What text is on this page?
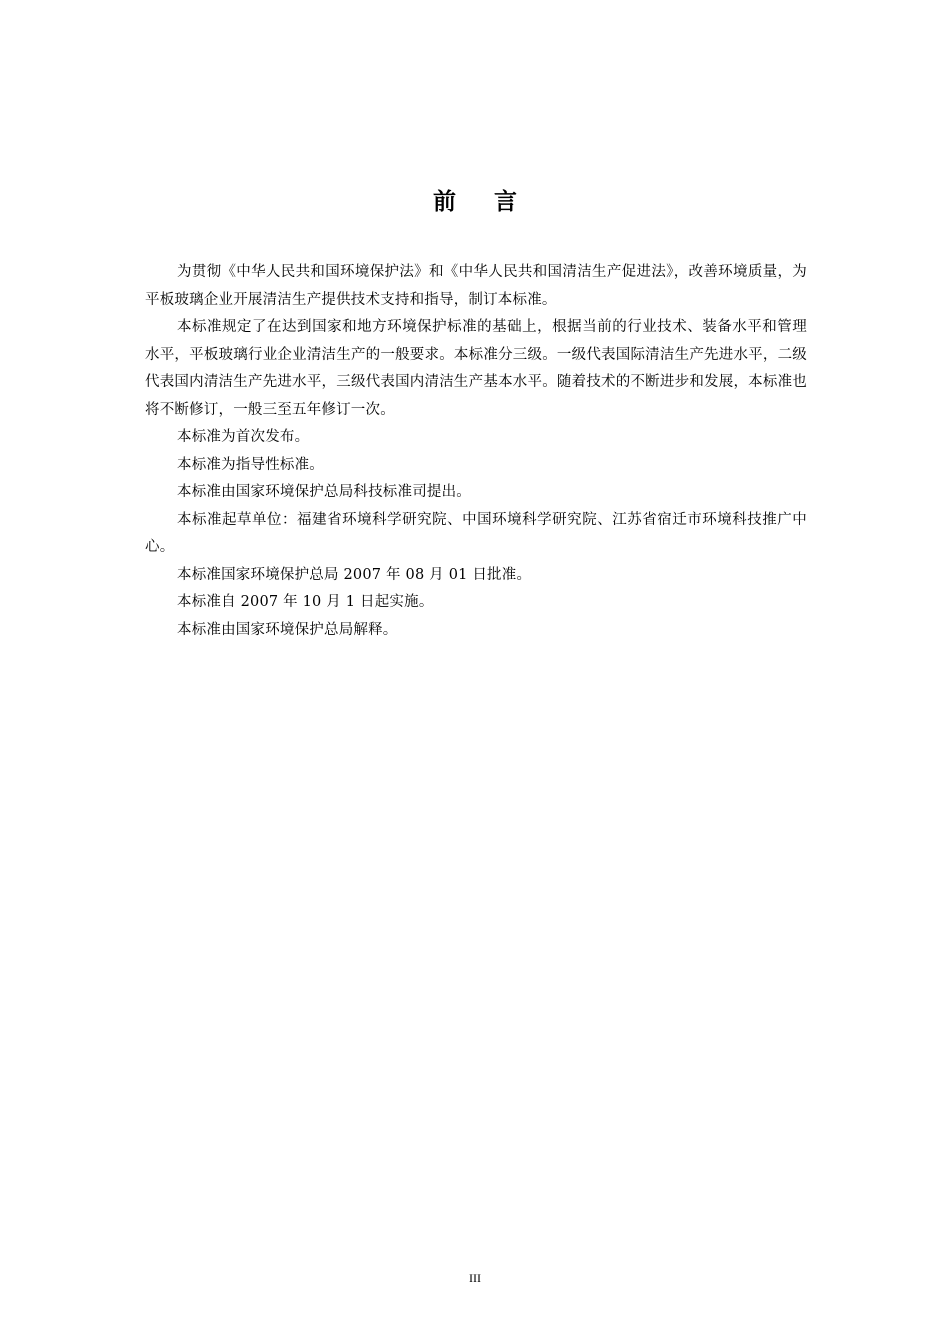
前言

为贯彻《中华人民共和国环境保护法》和《中华人民共和国清洁生产促进法》，改善环境质量，为平板玻璃企业开展清洁生产提供技术支持和指导，制订本标准。

本标准规定了在达到国家和地方环境保护标准的基础上，根据当前的行业技术、装备水平和管理水平，平板玻璃行业企业清洁生产的一般要求。本标准分三级。一级代表国际清洁生产先进水平，二级代表国内清洁生产先进水平，三级代表国内清洁生产基本水平。随着技术的不断进步和发展，本标准也将不断修订，一般三至五年修订一次。

本标准为首次发布。

本标准为指导性标准。

本标准由国家环境保护总局科技标准司提出。

本标准起草单位：福建省环境科学研究院、中国环境科学研究院、江苏省宿迁市环境科技推广中心。

本标准国家环境保护总局 2007 年 08 月 01 日批准。

本标准自 2007 年 10 月 1 日起实施。

本标准由国家环境保护总局解释。

III
